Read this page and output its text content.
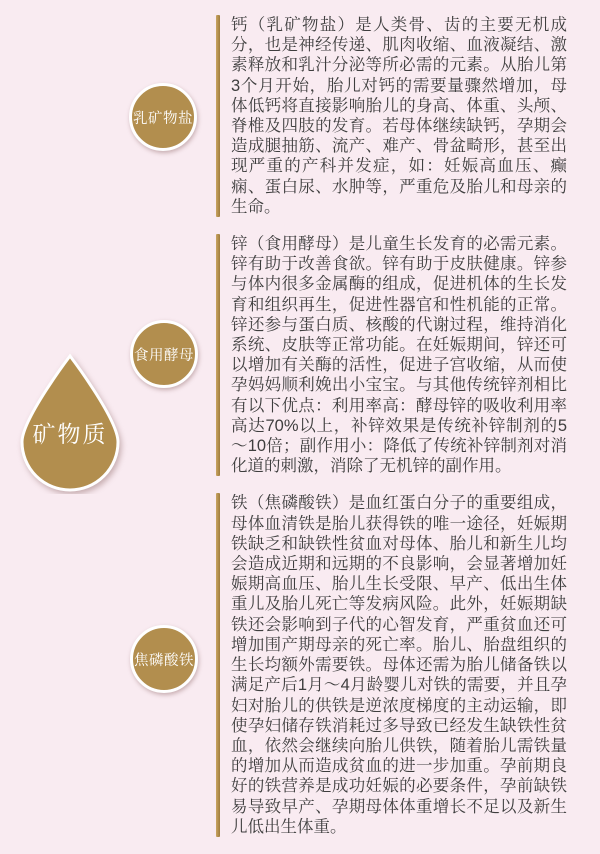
矿物质
乳矿物盐
食用酵母
焦磷酸铁

钙（乳矿物盐）是人类骨、齿的主要无机成分，也是神经传递、肌肉收缩、血液凝结、激素释放和乳汁分泌等所必需的元素。从胎儿第3个月开始，胎儿对钙的需要量骤然增加，母体低钙将直接影响胎儿的身高、体重、头颅、脊椎及四肢的发育。若母体继续缺钙，孕期会造成腿抽筋、流产、难产、骨盆畸形，甚至出现严重的产科并发症，如：妊娠高血压、癫痫、蛋白尿、水肿等，严重危及胎儿和母亲的生命。

锌（食用酵母）是儿童生长发育的必需元素。锌有助于改善食欲。锌有助于皮肤健康。锌参与体内很多金属酶的组成，促进机体的生长发育和组织再生，促进性器官和性机能的正常。锌还参与蛋白质、核酸的代谢过程，维持消化系统、皮肤等正常功能。在妊娠期间，锌还可以增加有关酶的活性，促进子宫收缩，从而使孕妈妈顺利娩出小宝宝。与其他传统锌剂相比有以下优点：利用率高：酵母锌的吸收利用率高达70%以上，补锌效果是传统补锌制剂的5～10倍；副作用小：降低了传统补锌制剂对消化道的刺激，消除了无机锌的副作用。

铁（焦磷酸铁）是血红蛋白分子的重要组成，母体血清铁是胎儿获得铁的唯一途径，妊娠期铁缺乏和缺铁性贫血对母体、胎儿和新生儿均会造成近期和远期的不良影响，会显著增加妊娠期高血压、胎儿生长受限、早产、低出生体重儿及胎儿死亡等发病风险。此外，妊娠期缺铁还会影响到子代的心智发育，严重贫血还可增加围产期母亲的死亡率。胎儿、胎盘组织的生长均额外需要铁。母体还需为胎儿储备铁以满足产后1月～4月龄婴儿对铁的需要，并且孕妇对胎儿的供铁是逆浓度梯度的主动运输，即使孕妇储存铁消耗过多导致已经发生缺铁性贫血，依然会继续向胎儿供铁，随着胎儿需铁量的增加从而造成贫血的进一步加重。孕前期良好的铁营养是成功妊娠的必要条件，孕前缺铁易导致早产、孕期母体体重增长不足以及新生儿低出生体重。
